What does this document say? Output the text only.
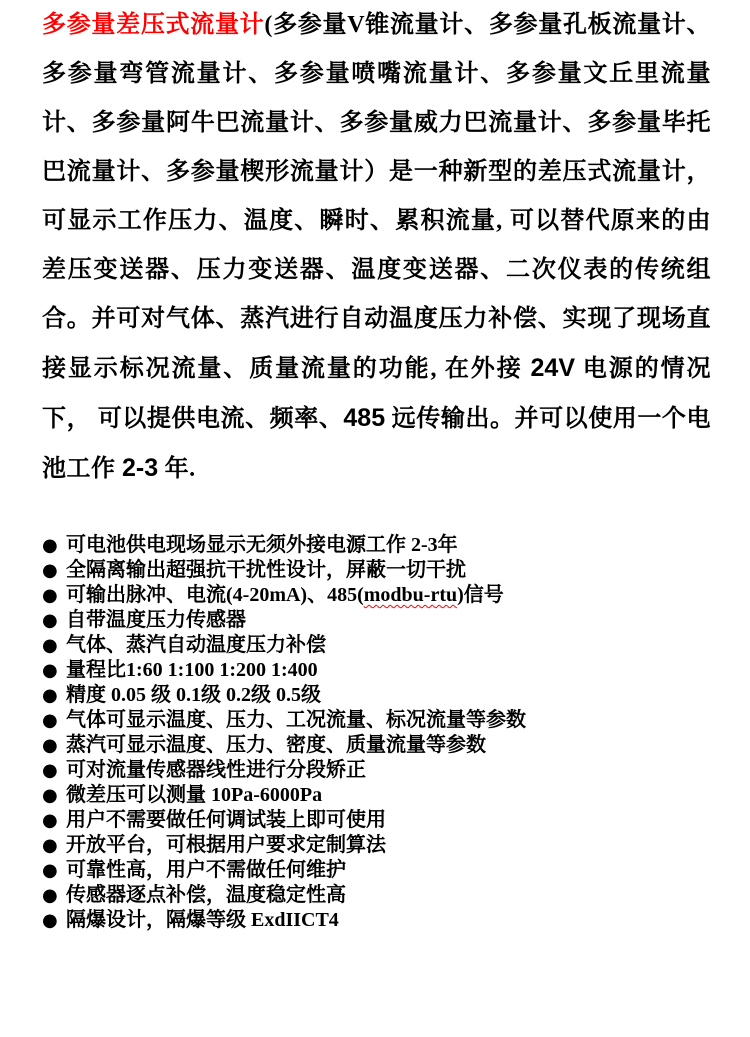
多参量差压式流量计(多参量V锥流量计、多参量孔板流量计、多参量弯管流量计、多参量喷嘴流量计、多参量文丘里流量计、多参量阿牛巴流量计、多参量威力巴流量计、多参量毕托巴流量计、多参量楔形流量计）是一种新型的差压式流量计，可显示工作压力、温度、瞬时、累积流量, 可以替代原来的由差压变送器、压力变送器、温度变送器、二次仪表的传统组合。并可对气体、蒸汽进行自动温度压力补偿、实现了现场直接显示标况流量、质量流量的功能, 在外接 24V 电源的情况下， 可以提供电流、频率、485 远传输出。并可以使用一个电池工作 2-3 年.

● 可电池供电现场显示无须外接电源工作 2-3年
● 全隔离输出超强抗干扰性设计，屏蔽一切干扰
● 可输出脉冲、电流(4-20mA)、485(modbu-rtu)信号
● 自带温度压力传感器
● 气体、蒸汽自动温度压力补偿
● 量程比1:60 1:100 1:200 1:400
● 精度 0.05 级 0.1级 0.2级 0.5级
● 气体可显示温度、压力、工况流量、标况流量等参数
● 蒸汽可显示温度、压力、密度、质量流量等参数
● 可对流量传感器线性进行分段矫正
● 微差压可以测量 10Pa-6000Pa
● 用户不需要做任何调试装上即可使用
● 开放平台，可根据用户要求定制算法
● 可靠性高，用户不需做任何维护
● 传感器逐点补偿，温度稳定性高
● 隔爆设计，隔爆等级 ExdIICT4
